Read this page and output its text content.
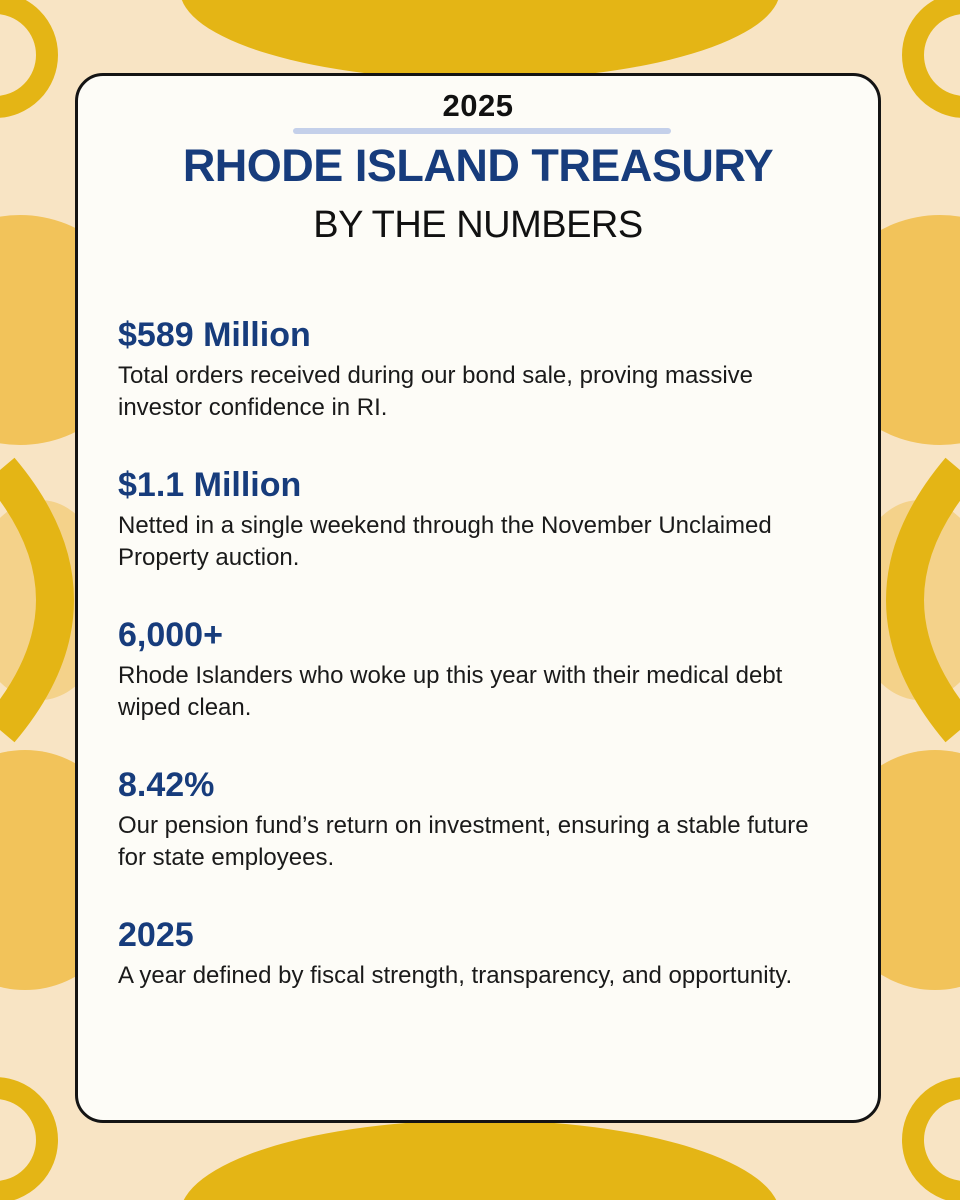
2025
RHODE ISLAND TREASURY
BY THE NUMBERS
$589 Million
Total orders received during our bond sale, proving massive investor confidence in RI.
$1.1 Million
Netted in a single weekend through the November Unclaimed Property auction.
6,000+
Rhode Islanders who woke up this year with their medical debt wiped clean.
8.42%
Our pension fund’s return on investment, ensuring a stable future for state employees.
2025
A year defined by fiscal strength, transparency, and opportunity.
